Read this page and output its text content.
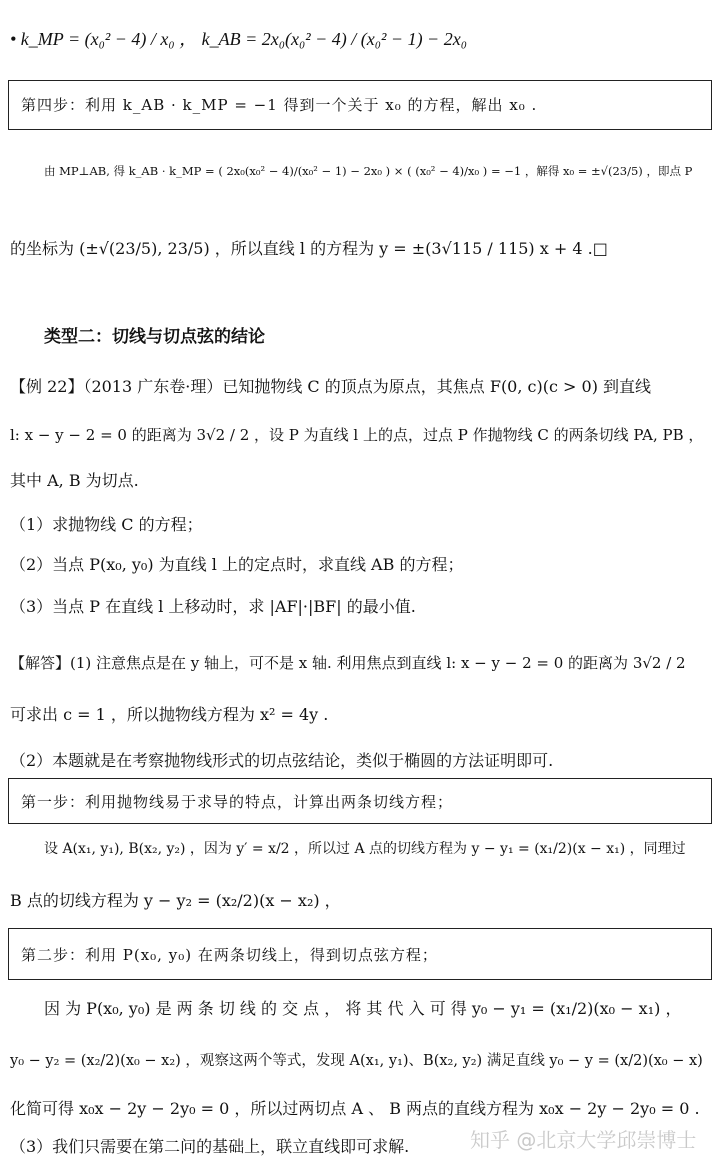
• k_MP = (x₀² − 4) / x₀ ， k_AB = 2x₀(x₀² − 4) / (x₀² − 1) − 2x₀
第四步：利用 k_AB · k_MP = −1 得到一个关于 x₀ 的方程，解出 x₀ .
由 MP⊥AB, 得 k_AB · k_MP = ( 2x₀(x₀² − 4)/(x₀² − 1) − 2x₀ ) × ( (x₀² − 4)/x₀ ) = −1 ，解得 x₀ = ±√(23/5) ，即点 P
的坐标为 (±√(23/5), 23/5) ，所以直线 l 的方程为 y = ±(3√115 / 115) x + 4 .□
类型二：切线与切点弦的结论
【例 22】（2013 广东卷·理）已知抛物线 C 的顶点为原点，其焦点 F(0, c)(c > 0) 到直线
l: x − y − 2 = 0 的距离为 3√2 / 2 ，设 P 为直线 l 上的点，过点 P 作抛物线 C 的两条切线 PA, PB ，
其中 A, B 为切点.
（1）求抛物线 C 的方程；
（2）当点 P(x₀, y₀) 为直线 l 上的定点时，求直线 AB 的方程；
（3）当点 P 在直线 l 上移动时，求 |AF|·|BF| 的最小值.
【解答】(1) 注意焦点是在 y 轴上，可不是 x 轴. 利用焦点到直线 l: x − y − 2 = 0 的距离为 3√2 / 2
可求出 c = 1 ，所以抛物线方程为 x² = 4y .
（2）本题就是在考察抛物线形式的切点弦结论，类似于椭圆的方法证明即可.
第一步：利用抛物线易于求导的特点，计算出两条切线方程；
设 A(x₁, y₁), B(x₂, y₂) ，因为 y′ = x/2 ，所以过 A 点的切线方程为 y − y₁ = (x₁/2)(x − x₁) ，同理过
B 点的切线方程为 y − y₂ = (x₂/2)(x − x₂) ，
第二步：利用 P(x₀, y₀) 在两条切线上，得到切点弦方程；
因 为 P(x₀, y₀) 是 两 条 切 线 的 交 点 ， 将 其 代 入 可 得 y₀ − y₁ = (x₁/2)(x₀ − x₁) ，
y₀ − y₂ = (x₂/2)(x₀ − x₂) ，观察这两个等式，发现 A(x₁, y₁)、B(x₂, y₂) 满足直线 y₀ − y = (x/2)(x₀ − x)
化简可得 x₀x − 2y − 2y₀ = 0 ，所以过两切点 A 、 B 两点的直线方程为 x₀x − 2y − 2y₀ = 0 .
（3）我们只需要在第二问的基础上，联立直线即可求解.	知乎 @北京大学邱崇博士
